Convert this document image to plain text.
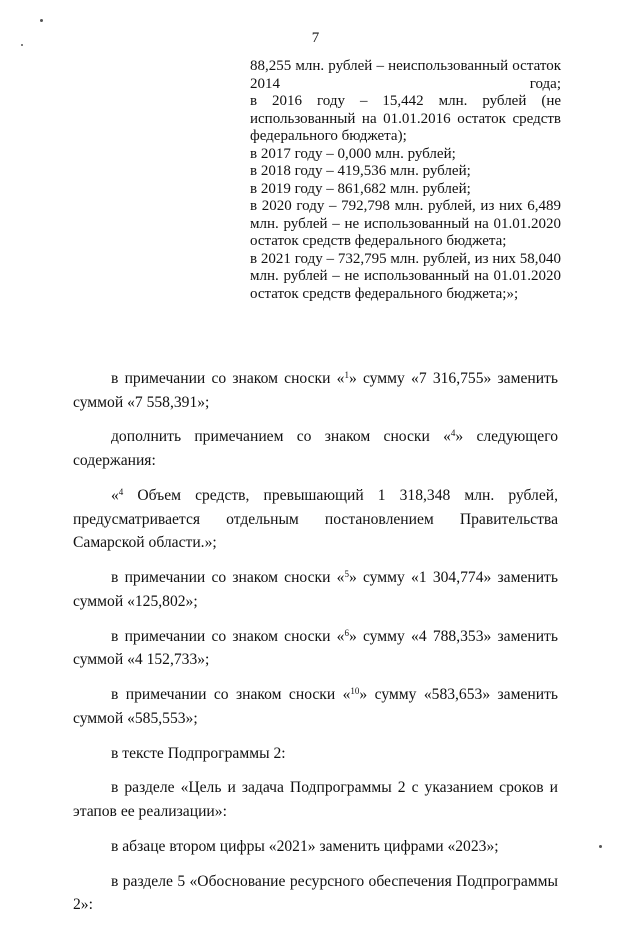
7

88,255 млн. рублей – неиспользованный остаток 2014 года;

в 2016 году – 15,442 млн. рублей (не использованный на 01.01.2016 остаток средств федерального бюджета);

в 2017 году – 0,000 млн. рублей;

в 2018 году – 419,536 млн. рублей;

в 2019 году – 861,682 млн. рублей;

в 2020 году – 792,798 млн. рублей, из них 6,489 млн. рублей – не использованный на 01.01.2020 остаток средств федерального бюджета;

в 2021 году – 732,795 млн. рублей, из них 58,040 млн. рублей – не использованный на 01.01.2020 остаток средств федерального бюджета;»;

в примечании со знаком сноски «$^1$» сумму «7 316,755» заменить суммой «7 558,391»;

дополнить примечанием со знаком сноски «$^4$» следующего содержания:

«$^4$ Объем средств, превышающий 1 318,348 млн. рублей, предусматривается отдельным постановлением Правительства Самарской области.»;

в примечании со знаком сноски «$^5$» сумму «1 304,774» заменить суммой «125,802»;

в примечании со знаком сноски «$^6$» сумму «4 788,353» заменить суммой «4 152,733»;

в примечании со знаком сноски «$^{10}$» сумму «583,653» заменить суммой «585,553»;

в тексте Подпрограммы 2:

в разделе «Цель и задача Подпрограммы 2 с указанием сроков и этапов ее реализации»:

в абзаце втором цифры «2021» заменить цифрами «2023»;

в разделе 5 «Обоснование ресурсного обеспечения Подпрограммы 2»:
